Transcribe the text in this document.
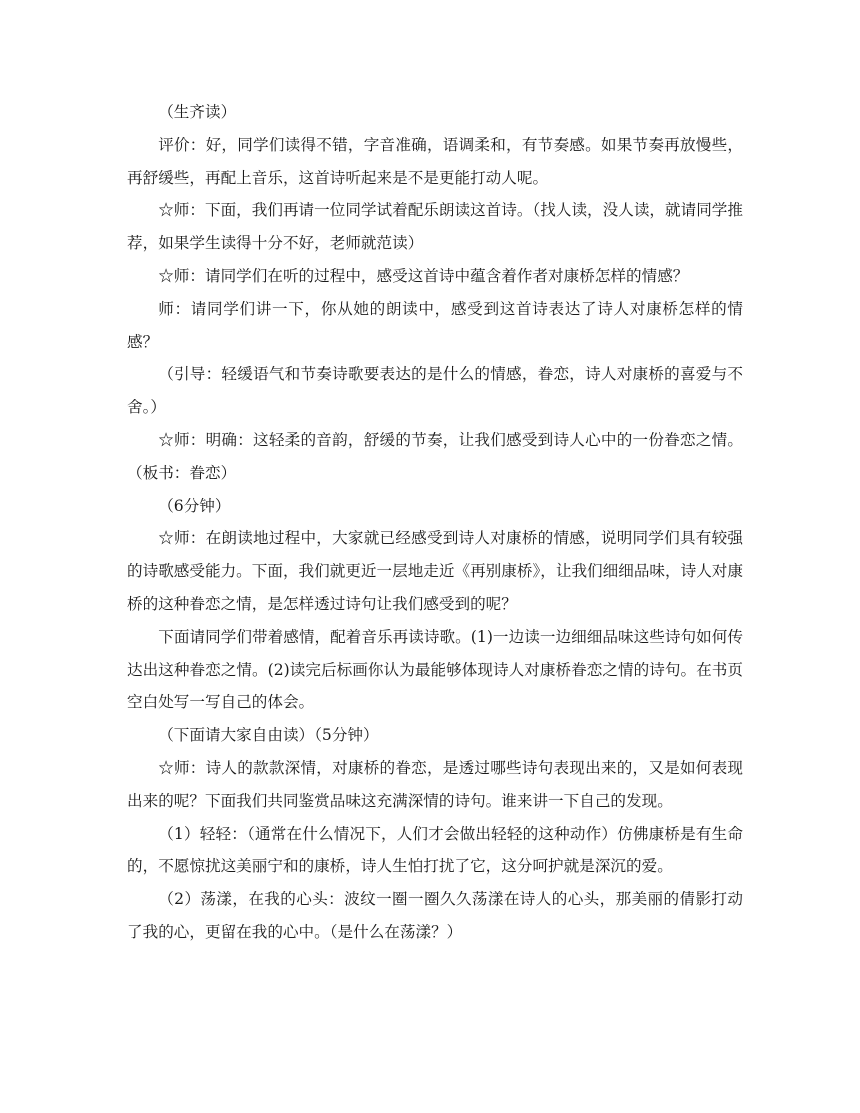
（生齐读）

评价：好，同学们读得不错，字音准确，语调柔和，有节奏感。如果节奏再放慢些，再舒缓些，再配上音乐，这首诗听起来是不是更能打动人呢。

☆师：下面，我们再请一位同学试着配乐朗读这首诗。（找人读，没人读，就请同学推荐，如果学生读得十分不好，老师就范读）

☆师：请同学们在听的过程中，感受这首诗中蕴含着作者对康桥怎样的情感？

师：请同学们讲一下，你从她的朗读中，感受到这首诗表达了诗人对康桥怎样的情感？

（引导：轻缓语气和节奏诗歌要表达的是什么的情感，眷恋，诗人对康桥的喜爱与不舍。）

☆师：明确：这轻柔的音韵，舒缓的节奏，让我们感受到诗人心中的一份眷恋之情。（板书：眷恋）

（6分钟）

☆师：在朗读地过程中，大家就已经感受到诗人对康桥的情感，说明同学们具有较强的诗歌感受能力。下面，我们就更近一层地走近《再别康桥》，让我们细细品味，诗人对康桥的这种眷恋之情，是怎样透过诗句让我们感受到的呢？

下面请同学们带着感情，配着音乐再读诗歌。(1)一边读一边细细品味这些诗句如何传达出这种眷恋之情。(2)读完后标画你认为最能够体现诗人对康桥眷恋之情的诗句。在书页空白处写一写自己的体会。

（下面请大家自由读）（5分钟）

☆师：诗人的款款深情，对康桥的眷恋，是透过哪些诗句表现出来的，又是如何表现出来的呢？下面我们共同鉴赏品味这充满深情的诗句。谁来讲一下自己的发现。

（1）轻轻：（通常在什么情况下，人们才会做出轻轻的这种动作）仿佛康桥是有生命的，不愿惊扰这美丽宁和的康桥，诗人生怕打扰了它，这分呵护就是深沉的爱。

（2）荡漾，在我的心头：波纹一圈一圈久久荡漾在诗人的心头，那美丽的倩影打动了我的心，更留在我的心中。（是什么在荡漾？）
